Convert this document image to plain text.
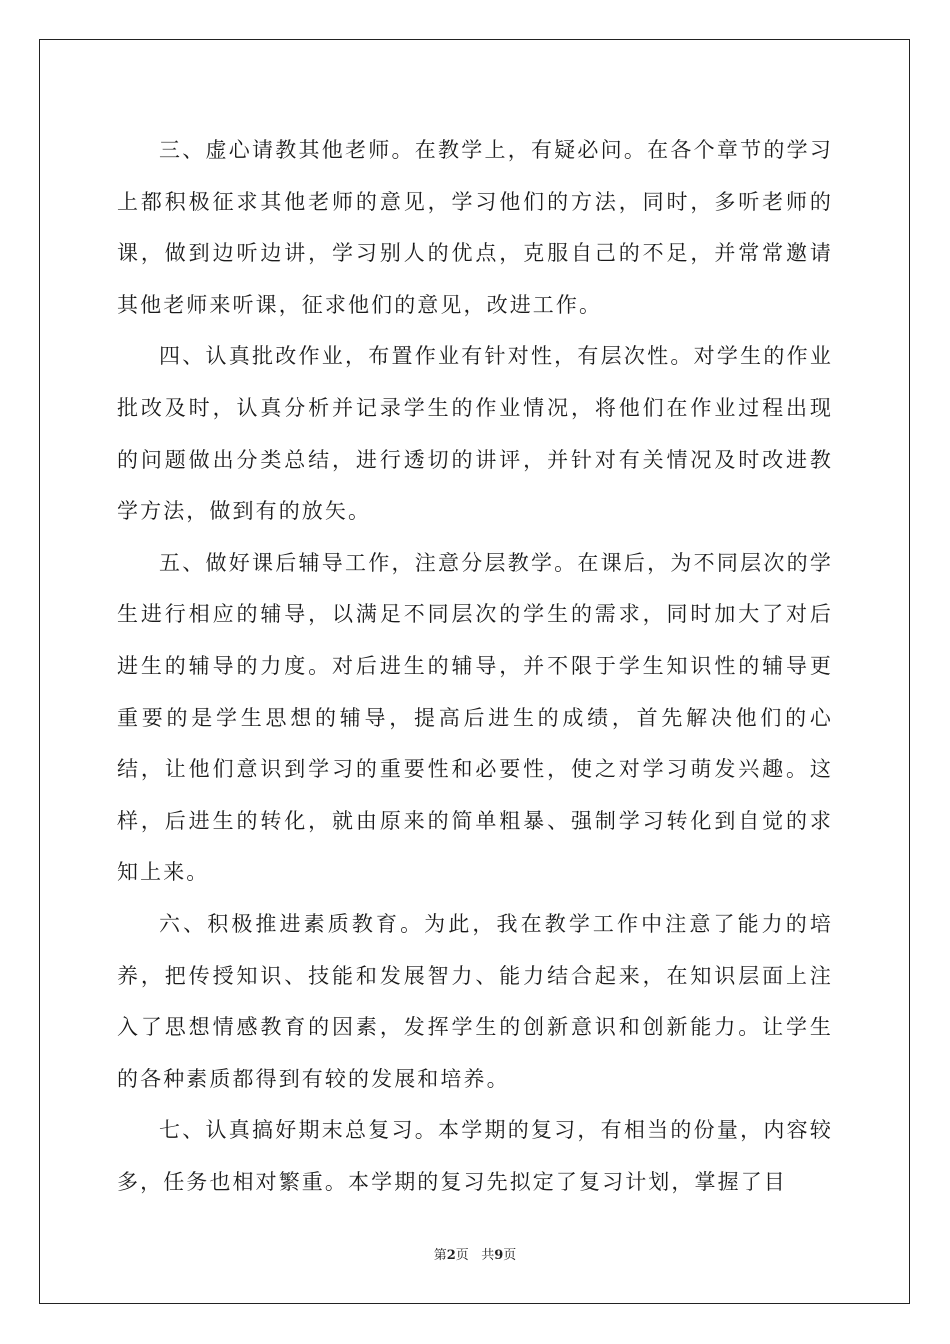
三、虚心请教其他老师。在教学上，有疑必问。在各个章节的学习上都积极征求其他老师的意见，学习他们的方法，同时，多听老师的课，做到边听边讲，学习别人的优点，克服自己的不足，并常常邀请其他老师来听课，征求他们的意见，改进工作。

四、认真批改作业，布置作业有针对性，有层次性。对学生的作业批改及时，认真分析并记录学生的作业情况，将他们在作业过程出现的问题做出分类总结，进行透切的讲评，并针对有关情况及时改进教学方法，做到有的放矢。

五、做好课后辅导工作，注意分层教学。在课后，为不同层次的学生进行相应的辅导，以满足不同层次的学生的需求，同时加大了对后进生的辅导的力度。对后进生的辅导，并不限于学生知识性的辅导更重要的是学生思想的辅导，提高后进生的成绩，首先解决他们的心结，让他们意识到学习的重要性和必要性，使之对学习萌发兴趣。这样，后进生的转化，就由原来的简单粗暴、强制学习转化到自觉的求知上来。

六、积极推进素质教育。为此，我在教学工作中注意了能力的培养，把传授知识、技能和发展智力、能力结合起来，在知识层面上注入了思想情感教育的因素，发挥学生的创新意识和创新能力。让学生的各种素质都得到有较的发展和培养。

七、认真搞好期末总复习。本学期的复习，有相当的份量，内容较多，任务也相对繁重。本学期的复习先拟定了复习计划，掌握了目

第2页 共9页
